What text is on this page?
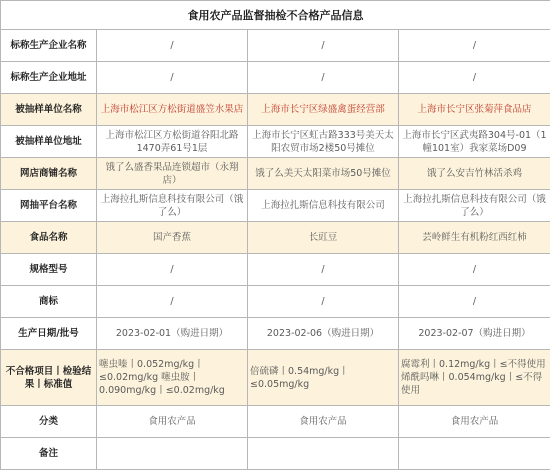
食用农产品监督抽检不合格产品信息			
标称生产企业名称	/	/	/
标称生产企业地址	/	/	/
被抽样单位名称	上海市松江区方松街道盛笠水果店	上海市长宁区绿盛禽蛋经营部	上海市长宁区张菊萍食品店
被抽样单位地址	上海市松江区方松街道谷阳北路1470弄61号1层	上海市长宁区虹古路333号美天太阳农贸市场2楼50号摊位	上海市长宁区武夷路304号-01（1幢101室）我家菜场D09
网店商铺名称	饿了么盛香果品连锁超市（永翔店）	饿了么美天太阳菜市场50号摊位	饿了么安吉竹林活杀鸡
网抽平台名称	上海拉扎斯信息科技有限公司（饿了么）	上海拉扎斯信息科技有限公司	上海拉扎斯信息科技有限公司（饿了么）
食品名称	国产香蕉	长豇豆	芸岭鲜生有机粉红西红柿
规格型号	/	/	/
商标	/	/	/
生产日期/批号	2023-02-01（购进日期）	2023-02-06（购进日期）	2023-02-07（购进日期）
不合格项目丨检验结果丨标准值	噻虫嗪丨0.052mg/kg丨≤0.02mg/kg 噻虫胺丨0.090mg/kg丨≤0.02mg/kg	倍硫磷丨0.54mg/kg丨≤0.05mg/kg	腐霉利丨0.12mg/kg丨≤不得使用 烯酰吗啉丨0.054mg/kg丨≤不得使用
分类	食用农产品	食用农产品	食用农产品
备注			
